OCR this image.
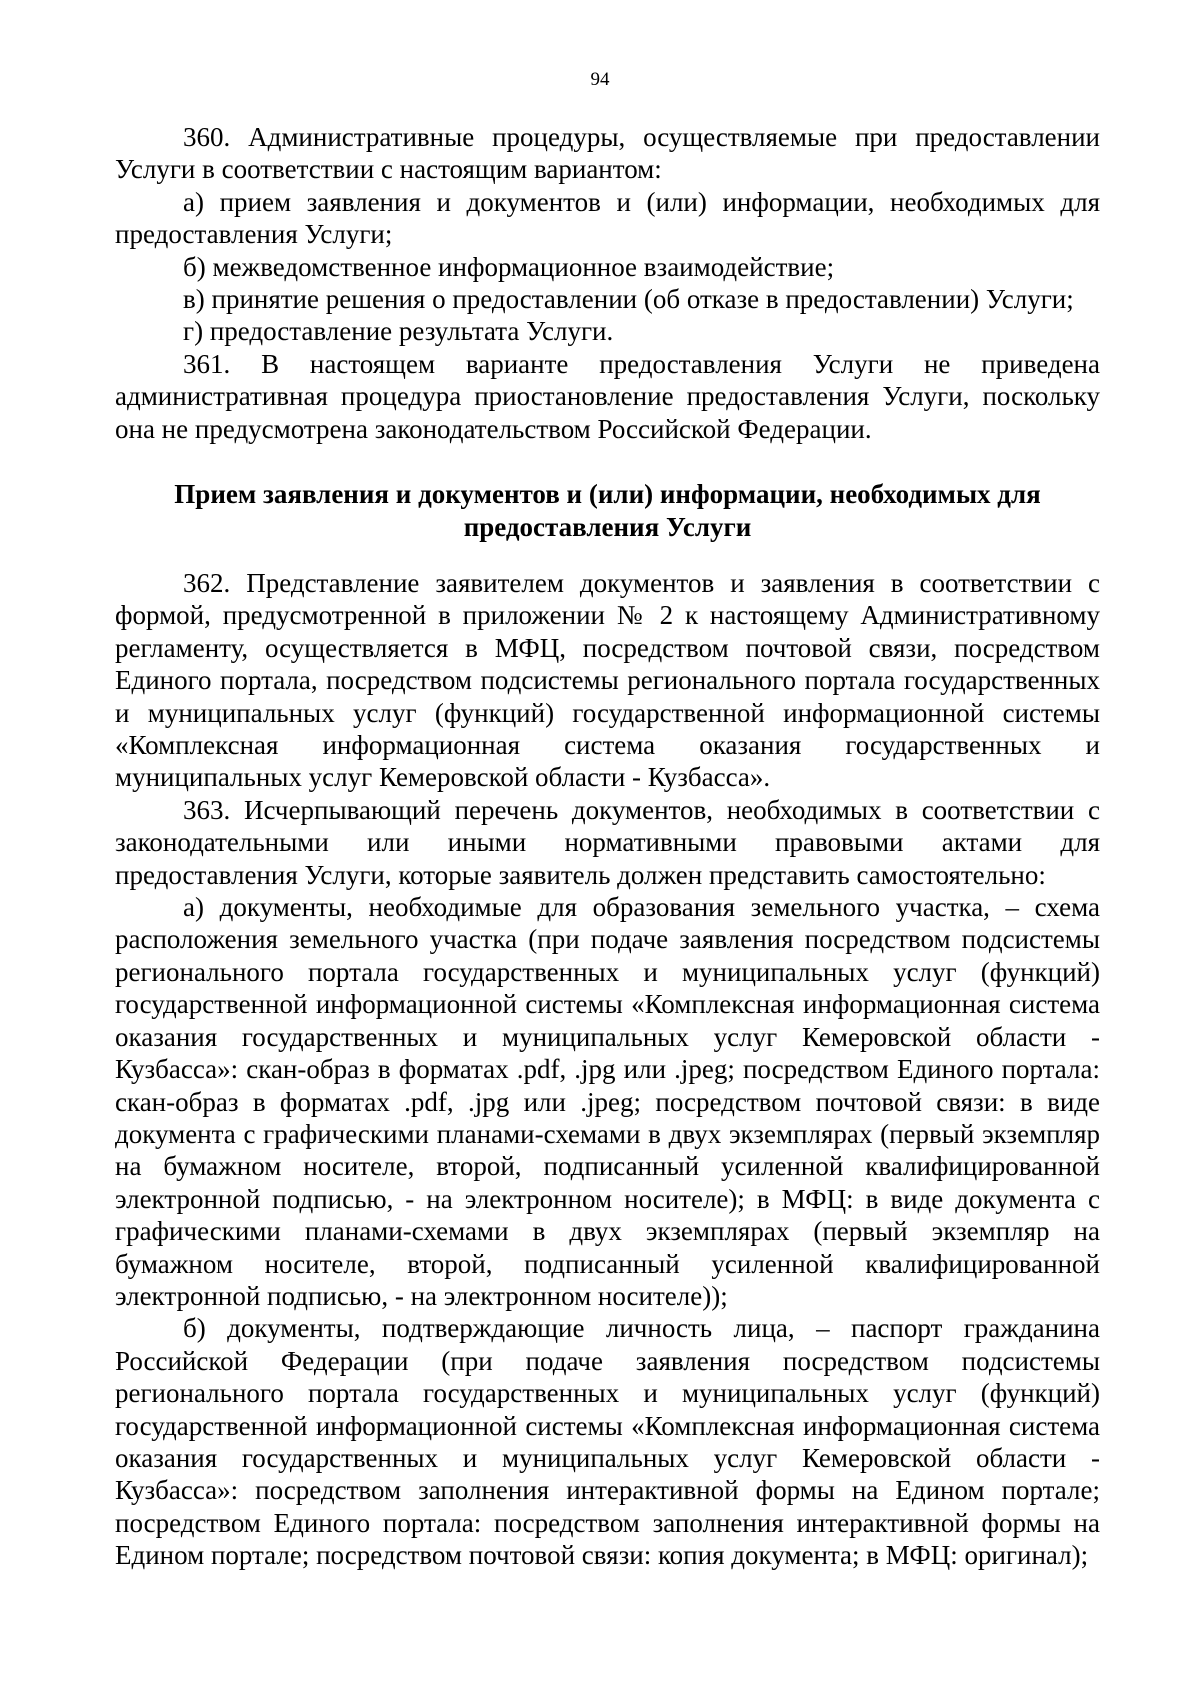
94

360. Административные процедуры, осуществляемые при предоставлении Услуги в соответствии с настоящим вариантом:

а) прием заявления и документов и (или) информации, необходимых для предоставления Услуги;

б) межведомственное информационное взаимодействие;

в) принятие решения о предоставлении (об отказе в предоставлении) Услуги;

г) предоставление результата Услуги.

361. В настоящем варианте предоставления Услуги не приведена административная процедура приостановление предоставления Услуги, поскольку она не предусмотрена законодательством Российской Федерации.

Прием заявления и документов и (или) информации, необходимых для
предоставления Услуги

362. Представление заявителем документов и заявления в соответствии с формой, предусмотренной в приложении № 2 к настоящему Административному регламенту, осуществляется в МФЦ, посредством почтовой связи, посредством Единого портала, посредством подсистемы регионального портала государственных и муниципальных услуг (функций) государственной информационной системы «Комплексная информационная система оказания государственных и муниципальных услуг Кемеровской области - Кузбасса».

363. Исчерпывающий перечень документов, необходимых в соответствии с законодательными или иными нормативными правовыми актами для предоставления Услуги, которые заявитель должен представить самостоятельно:

а) документы, необходимые для образования земельного участка, – схема расположения земельного участка (при подаче заявления посредством подсистемы регионального портала государственных и муниципальных услуг (функций) государственной информационной системы «Комплексная информационная система оказания государственных и муниципальных услуг Кемеровской области - Кузбасса»: скан-образ в форматах .pdf, .jpg или .jpeg; посредством Единого портала: скан-образ в форматах .pdf, .jpg или .jpeg; посредством почтовой связи: в виде документа с графическими планами-схемами в двух экземплярах (первый экземпляр на бумажном носителе, второй, подписанный усиленной квалифицированной электронной подписью, - на электронном носителе); в МФЦ: в виде документа с графическими планами-схемами в двух экземплярах (первый экземпляр на бумажном носителе, второй, подписанный усиленной квалифицированной электронной подписью, - на электронном носителе));

б) документы, подтверждающие личность лица, – паспорт гражданина Российской Федерации (при подаче заявления посредством подсистемы регионального портала государственных и муниципальных услуг (функций) государственной информационной системы «Комплексная информационная система оказания государственных и муниципальных услуг Кемеровской области - Кузбасса»: посредством заполнения интерактивной формы на Едином портале; посредством Единого портала: посредством заполнения интерактивной формы на Едином портале; посредством почтовой связи: копия документа; в МФЦ: оригинал);
